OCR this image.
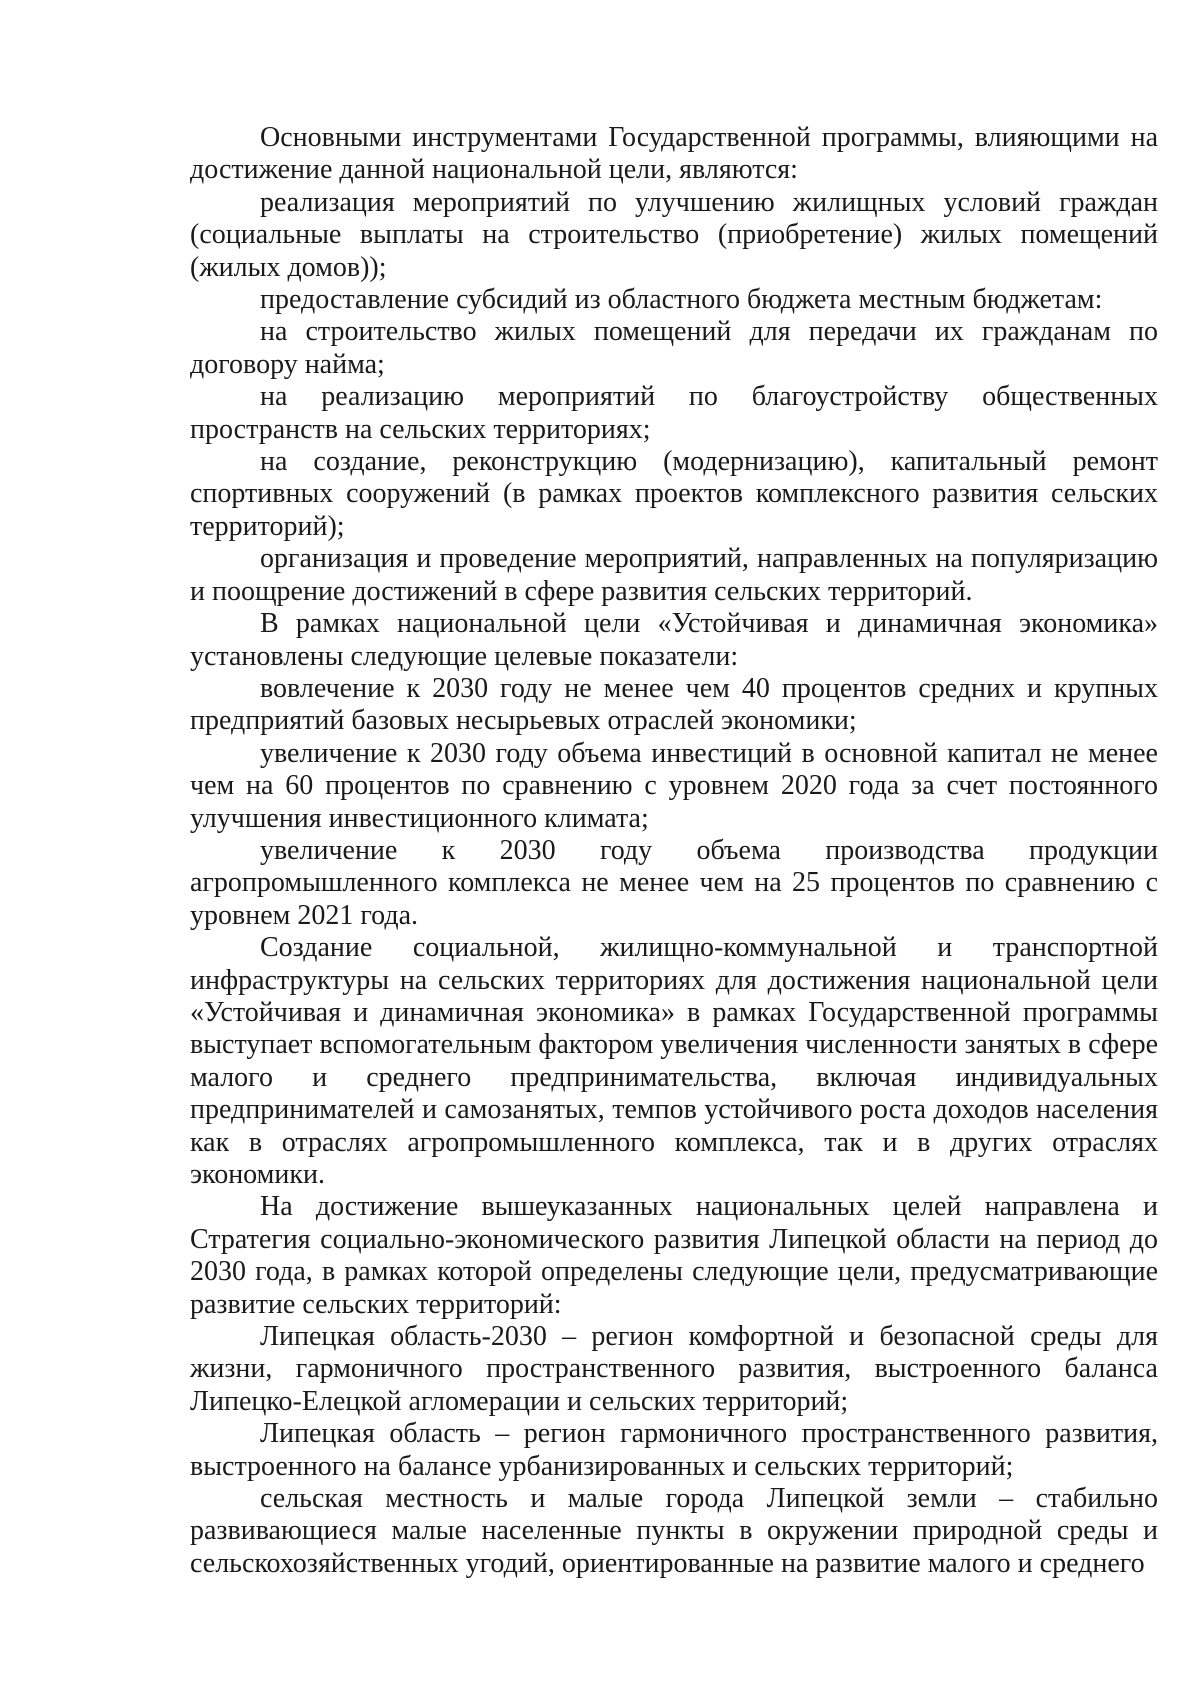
Основными инструментами Государственной программы, влияющими на достижение данной национальной цели, являются:

реализация мероприятий по улучшению жилищных условий граждан (социальные выплаты на строительство (приобретение) жилых помещений (жилых домов));

предоставление субсидий из областного бюджета местным бюджетам:

на строительство жилых помещений для передачи их гражданам по договору найма;

на реализацию мероприятий по благоустройству общественных пространств на сельских территориях;

на создание, реконструкцию (модернизацию), капитальный ремонт спортивных сооружений (в рамках проектов комплексного развития сельских территорий);

организация и проведение мероприятий, направленных на популяризацию и поощрение достижений в сфере развития сельских территорий.

В рамках национальной цели «Устойчивая и динамичная экономика» установлены следующие целевые показатели:

вовлечение к 2030 году не менее чем 40 процентов средних и крупных предприятий базовых несырьевых отраслей экономики;

увеличение к 2030 году объема инвестиций в основной капитал не менее чем на 60 процентов по сравнению с уровнем 2020 года за счет постоянного улучшения инвестиционного климата;

увеличение к 2030 году объема производства продукции агропромышленного комплекса не менее чем на 25 процентов по сравнению с уровнем 2021 года.

Создание социальной, жилищно-коммунальной и транспортной инфраструктуры на сельских территориях для достижения национальной цели «Устойчивая и динамичная экономика» в рамках Государственной программы выступает вспомогательным фактором увеличения численности занятых в сфере малого и среднего предпринимательства, включая индивидуальных предпринимателей и самозанятых, темпов устойчивого роста доходов населения как в отраслях агропромышленного комплекса, так и в других отраслях экономики.

На достижение вышеуказанных национальных целей направлена и Стратегия социально-экономического развития Липецкой области на период до 2030 года, в рамках которой определены следующие цели, предусматривающие развитие сельских территорий:

Липецкая область-2030 – регион комфортной и безопасной среды для жизни, гармоничного пространственного развития, выстроенного баланса Липецко-Елецкой агломерации и сельских территорий;

Липецкая область – регион гармоничного пространственного развития, выстроенного на балансе урбанизированных и сельских территорий;

сельская местность и малые города Липецкой земли – стабильно развивающиеся малые населенные пункты в окружении природной среды и сельскохозяйственных угодий, ориентированные на развитие малого и среднего
